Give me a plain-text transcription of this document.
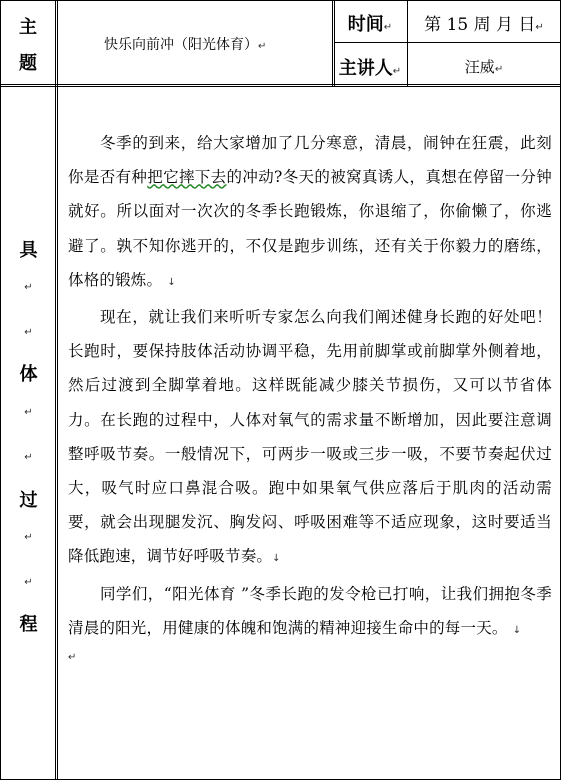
主
题
快乐向前冲（阳光体育）↵
时间↵	第 15 周 月 日↵
主讲人↵	汪威↵
具
↵
↵
体
↵
↵
过
↵
↵
程

冬季的到来，给大家增加了几分寒意，清晨，闹钟在狂震，此刻你是否有种把它摔下去的冲动?冬天的被窝真诱人，真想在停留一分钟就好。所以面对一次次的冬季长跑锻炼，你退缩了，你偷懒了，你逃避了。孰不知你逃开的，不仅是跑步训练，还有关于你毅力的磨练，体格的锻炼。 ↓

现在，就让我们来听听专家怎么向我们阐述健身长跑的好处吧！长跑时，要保持肢体活动协调平稳，先用前脚掌或前脚掌外侧着地，然后过渡到全脚掌着地。这样既能减少膝关节损伤，又可以节省体力。在长跑的过程中，人体对氧气的需求量不断增加，因此要注意调整呼吸节奏。一般情况下，可两步一吸或三步一吸，不要节奏起伏过大，吸气时应口鼻混合吸。跑中如果氧气供应落后于肌肉的活动需要，就会出现腿发沉、胸发闷、呼吸困难等不适应现象，这时要适当降低跑速，调节好呼吸节奏。↓

同学们，“阳光体育 ”冬季长跑的发令枪已打响，让我们拥抱冬季清晨的阳光，用健康的体魄和饱满的精神迎接生命中的每一天。 ↓

↵
